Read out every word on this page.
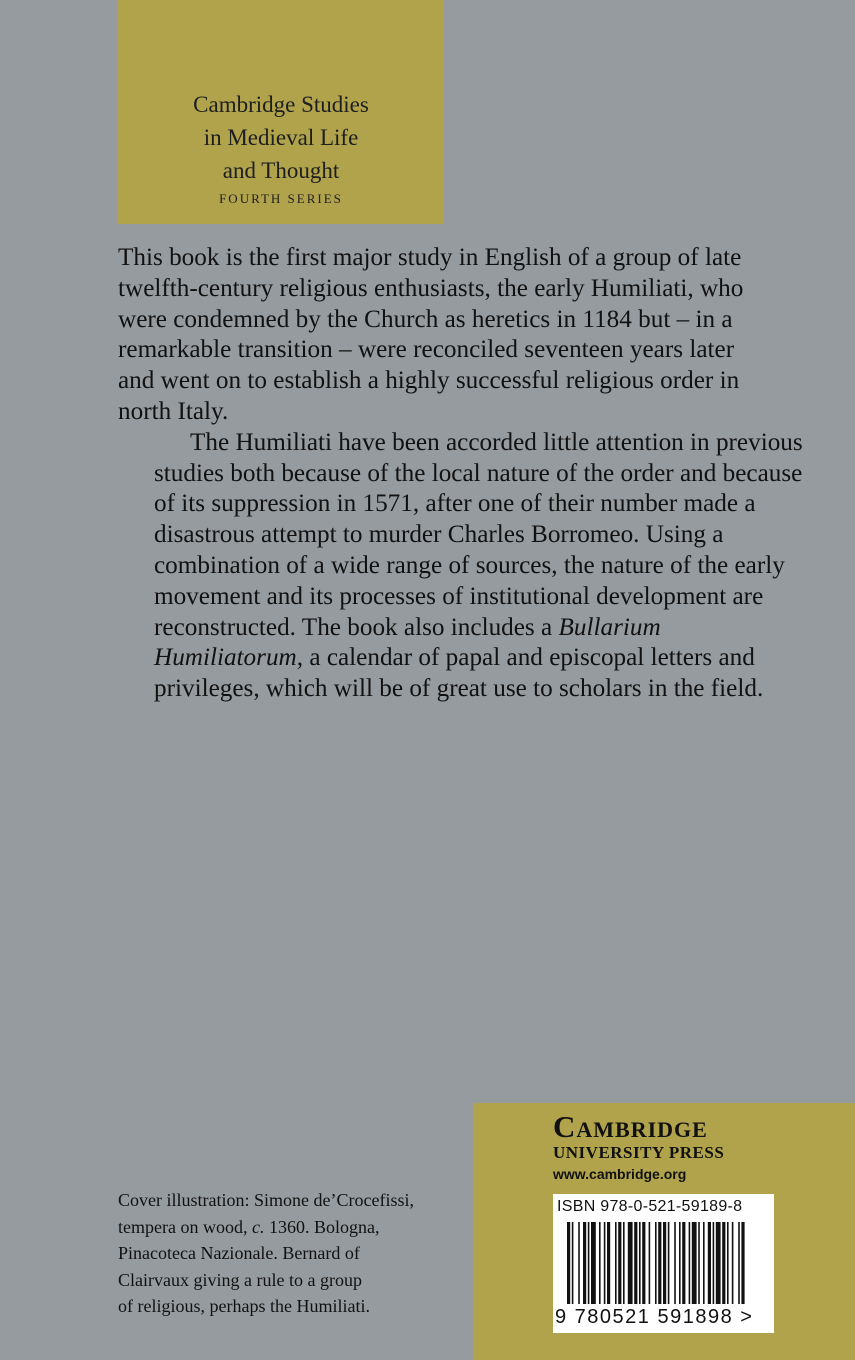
Cambridge Studies
in Medieval Life
and Thought
FOURTH SERIES

This book is the first major study in English of a group of late
twelfth-century religious enthusiasts, the early Humiliati, who
were condemned by the Church as heretics in 1184 but – in a
remarkable transition – were reconciled seventeen years later
and went on to establish a highly successful religious order in
north Italy.

The Humiliati have been accorded little attention in previous
studies both because of the local nature of the order and because
of its suppression in 1571, after one of their number made a
disastrous attempt to murder Charles Borromeo. Using a
combination of a wide range of sources, the nature of the early
movement and its processes of institutional development are
reconstructed. The book also includes a Bullarium
Humiliatorum, a calendar of papal and episcopal letters and
privileges, which will be of great use to scholars in the field.

Cover illustration: Simone de’Crocefissi,
tempera on wood, c. 1360. Bologna,
Pinacoteca Nazionale. Bernard of
Clairvaux giving a rule to a group
of religious, perhaps the Humiliati.
Cambridge
UNIVERSITY PRESS
www.cambridge.org
ISBN 978-0-521-59189-8
9 780521 591898 >
